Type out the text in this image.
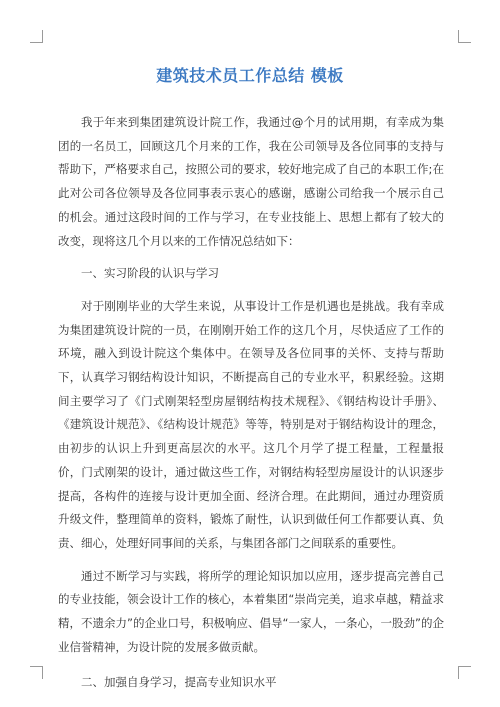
建筑技术员工作总结 模板

我于年来到集团建筑设计院工作，我通过@个月的试用期，有幸成为集团的一名员工，回顾这几个月来的工作，我在公司领导及各位同事的支持与帮助下，严格要求自己，按照公司的要求，较好地完成了自己的本职工作;在此对公司各位领导及各位同事表示衷心的感谢，感谢公司给我一个展示自己的机会。通过这段时间的工作与学习，在专业技能上、思想上都有了较大的改变，现将这几个月以来的工作情况总结如下：

一、实习阶段的认识与学习

对于刚刚毕业的大学生来说，从事设计工作是机遇也是挑战。我有幸成为集团建筑设计院的一员，在刚刚开始工作的这几个月，尽快适应了工作的环境，融入到设计院这个集体中。在领导及各位同事的关怀、支持与帮助下，认真学习钢结构设计知识，不断提高自己的专业水平，积累经验。这期间主要学习了《门式刚架轻型房屋钢结构技术规程》、《钢结构设计手册》、《建筑设计规范》、《结构设计规范》等等，特别是对于钢结构设计的理念，由初步的认识上升到更高层次的水平。这几个月学了提工程量，工程量报价，门式刚架的设计，通过做这些工作，对钢结构轻型房屋设计的认识逐步提高，各构件的连接与设计更加全面、经济合理。在此期间，通过办理资质升级文件，整理简单的资料，锻炼了耐性，认识到做任何工作都要认真、负责、细心，处理好同事间的关系，与集团各部门之间联系的重要性。

通过不断学习与实践，将所学的理论知识加以应用，逐步提高完善自己的专业技能，领会设计工作的核心，本着集团“崇尚完美，追求卓越，精益求精，不遗余力”的企业口号，积极响应、倡导“一家人，一条心，一股劲”的企业信誉精神，为设计院的发展多做贡献。

二、加强自身学习，提高专业知识水平
